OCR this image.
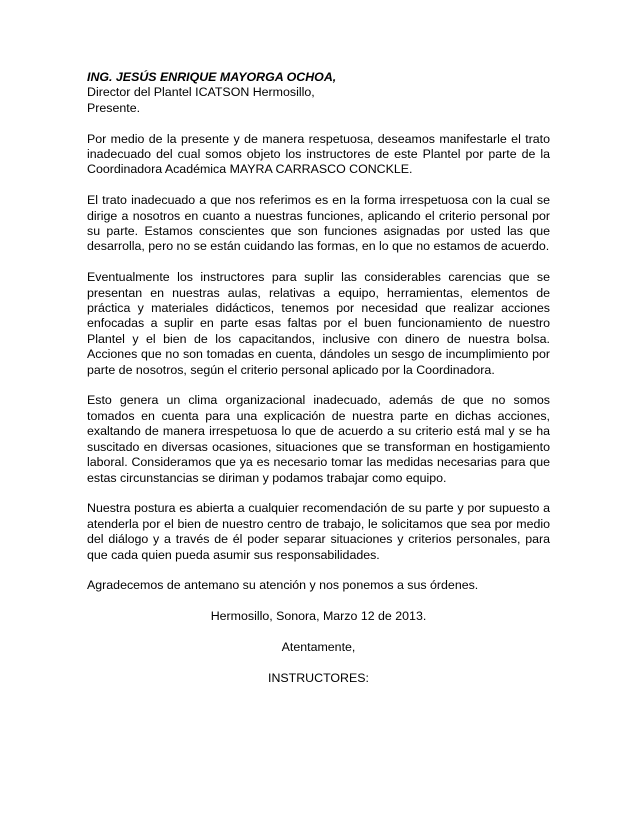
ING. JESÚS ENRIQUE MAYORGA OCHOA,
Director del Plantel ICATSON Hermosillo,
Presente.

Por medio de la presente y de manera respetuosa, deseamos manifestarle el trato inadecuado del cual somos objeto los instructores de este Plantel por parte de la Coordinadora Académica MAYRA CARRASCO CONCKLE.

El trato inadecuado a que nos referimos es en la forma irrespetuosa con la cual se dirige a nosotros en cuanto a nuestras funciones, aplicando el criterio personal por su parte. Estamos conscientes que son funciones asignadas por usted las que desarrolla, pero no se están cuidando las formas, en lo que no estamos de acuerdo.

Eventualmente los instructores para suplir las considerables carencias que se presentan en nuestras aulas, relativas a equipo, herramientas, elementos de práctica y materiales didácticos, tenemos por necesidad que realizar acciones enfocadas a suplir en parte esas faltas por el buen funcionamiento de nuestro Plantel y el bien de los capacitandos, inclusive con dinero de nuestra bolsa. Acciones que no son tomadas en cuenta, dándoles un sesgo de incumplimiento por parte de nosotros, según el criterio personal aplicado por la Coordinadora.

Esto genera un clima organizacional inadecuado, además de que no somos tomados en cuenta para una explicación de nuestra parte en dichas acciones, exaltando de manera irrespetuosa lo que de acuerdo a su criterio está mal y se ha suscitado en diversas ocasiones, situaciones que se transforman en hostigamiento laboral. Consideramos que ya es necesario tomar las medidas necesarias para que estas circunstancias se diriman y podamos trabajar como equipo.

Nuestra postura es abierta a cualquier recomendación de su parte y por supuesto a atenderla por el bien de nuestro centro de trabajo, le solicitamos que sea por medio del diálogo y a través de él poder separar situaciones y criterios personales, para que cada quien pueda asumir sus responsabilidades.

Agradecemos de antemano su atención y nos ponemos a sus órdenes.

Hermosillo, Sonora, Marzo 12 de 2013.
Atentamente,
INSTRUCTORES:
